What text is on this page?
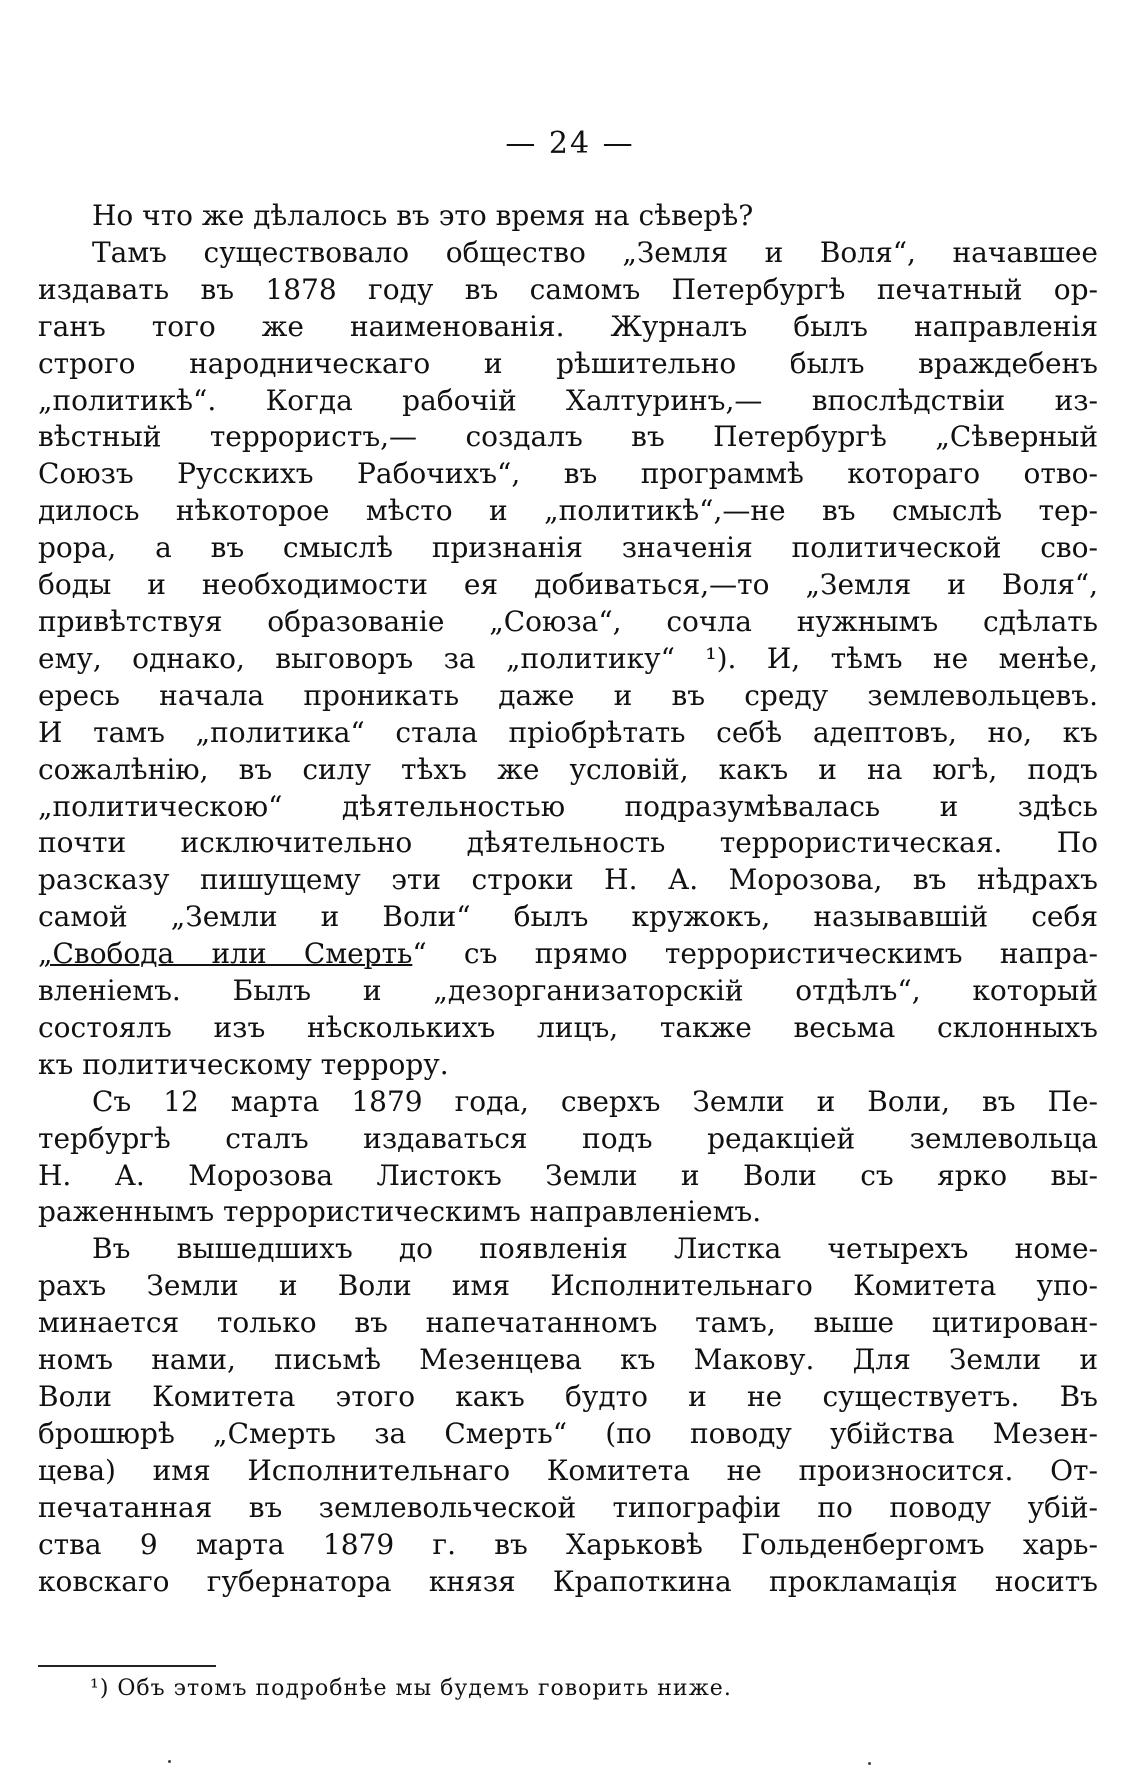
— 24 —
Но что же дѣлалось въ это время на сѣверѣ?
Тамъ существовало общество „Земля и Воля“, начавшее
издавать въ 1878 году въ самомъ Петербургѣ печатный ор-
ганъ того же наименованія. Журналъ былъ направленія
строго народническаго и рѣшительно былъ враждебенъ
„политикѣ“. Когда рабочій Халтуринъ,— впослѣдствіи из-
вѣстный террористъ,— создалъ въ Петербургѣ „Сѣверный
Союзъ Русскихъ Рабочихъ“, въ программѣ котораго отво-
дилось нѣкоторое мѣсто и „политикѣ“,—не въ смыслѣ тер-
рора, а въ смыслѣ признанія значенія политической сво-
боды и необходимости ея добиваться,—то „Земля и Воля“,
привѣтствуя образованіе „Союза“, сочла нужнымъ сдѣлать
ему, однако, выговоръ за „политику“ ¹). И, тѣмъ не менѣе,
ересь начала проникать даже и въ среду землевольцевъ.
И тамъ „политика“ стала пріобрѣтать себѣ адептовъ, но, къ
сожалѣнію, въ силу тѣхъ же условій, какъ и на югѣ, подъ
„политическою“ дѣятельностью подразумѣвалась и здѣсь
почти исключительно дѣятельность террористическая. По
разсказу пишущему эти строки Н. А. Морозова, въ нѣдрахъ
самой „Земли и Воли“ былъ кружокъ, называвшій себя
„Свобода или Смерть“ съ прямо террористическимъ напра-
вленіемъ. Былъ и „дезорганизаторскій отдѣлъ“, который
состоялъ изъ нѣсколькихъ лицъ, также весьма склонныхъ
къ политическому террору.
Съ 12 марта 1879 года, сверхъ Земли и Воли, въ Пе-
тербургѣ сталъ издаваться подъ редакціей землевольца
Н. А. Морозова Листокъ Земли и Воли съ ярко вы-
раженнымъ террористическимъ направленіемъ.
Въ вышедшихъ до появленія Листка четырехъ номе-
рахъ Земли и Воли имя Исполнительнаго Комитета упо-
минается только въ напечатанномъ тамъ, выше цитирован-
номъ нами, письмѣ Мезенцева къ Макову. Для Земли и
Воли Комитета этого какъ будто и не существуетъ. Въ
брошюрѣ „Смерть за Смерть“ (по поводу убійства Мезен-
цева) имя Исполнительнаго Комитета не произносится. От-
печатанная въ землевольческой типографіи по поводу убій-
ства 9 марта 1879 г. въ Харьковѣ Гольденбергомъ харь-
ковскаго губернатора князя Крапоткина прокламація носитъ
¹) Объ этомъ подробнѣе мы будемъ говорить ниже.
